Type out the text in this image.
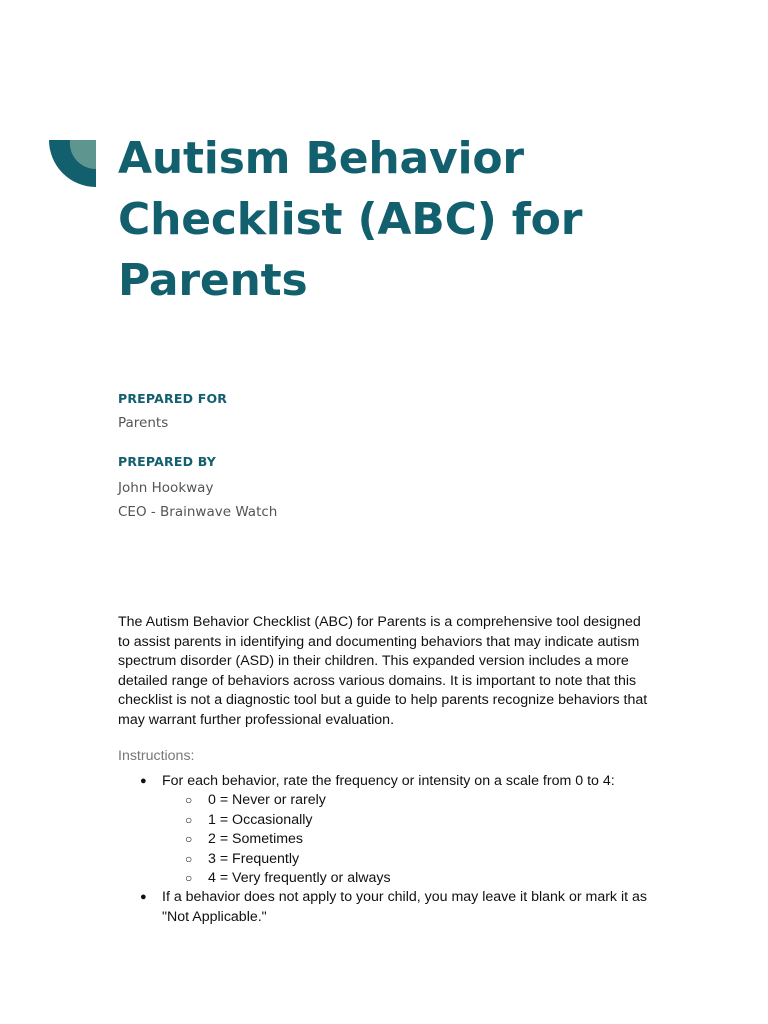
Autism Behavior Checklist (ABC) for Parents
PREPARED FOR
Parents
PREPARED BY
John Hookway
CEO - Brainwave Watch

The Autism Behavior Checklist (ABC) for Parents is a comprehensive tool designed to assist parents in identifying and documenting behaviors that may indicate autism spectrum disorder (ASD) in their children. This expanded version includes a more detailed range of behaviors across various domains. It is important to note that this checklist is not a diagnostic tool but a guide to help parents recognize behaviors that may warrant further professional evaluation.

Instructions:
● For each behavior, rate the frequency or intensity on a scale from 0 to 4:
○ 0 = Never or rarely
○ 1 = Occasionally
○ 2 = Sometimes
○ 3 = Frequently
○ 4 = Very frequently or always
● If a behavior does not apply to your child, you may leave it blank or mark it as "Not Applicable."
